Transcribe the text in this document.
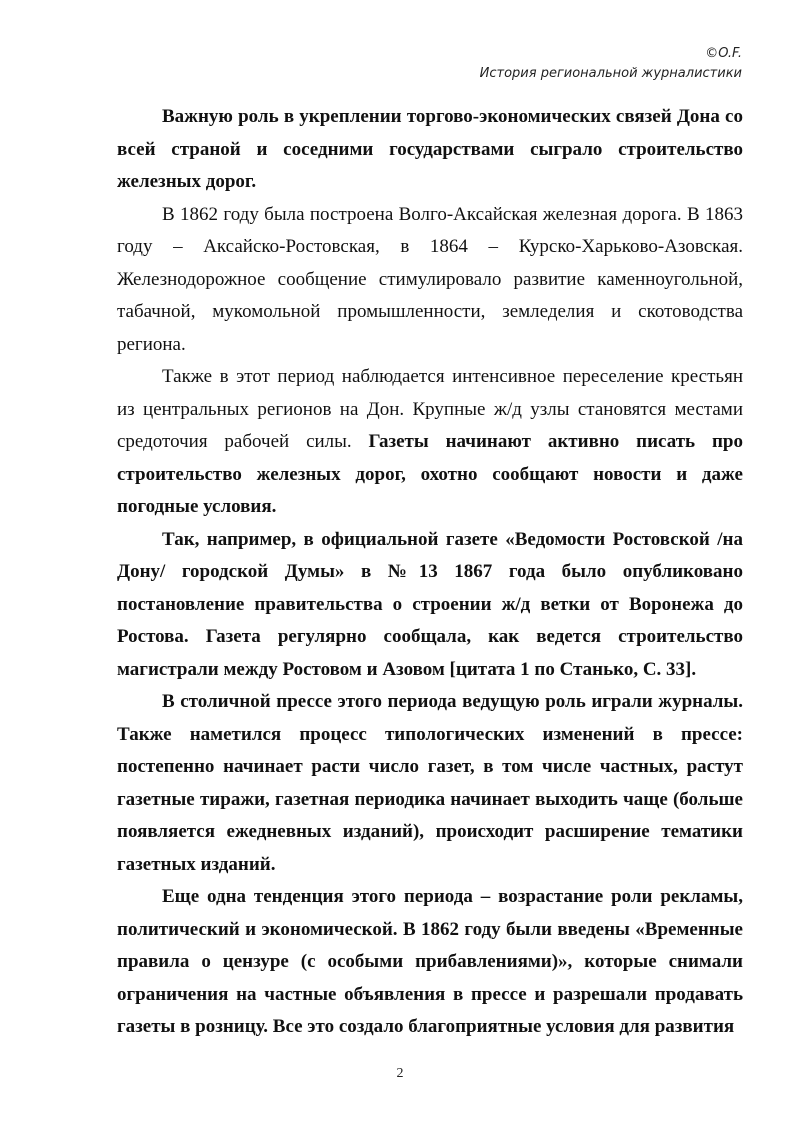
©O.F.
История региональной журналистики

Важную роль в укреплении торгово-экономических связей Дона со всей страной и соседними государствами сыграло строительство железных дорог.

В 1862 году была построена Волго-Аксайская железная дорога. В 1863 году – Аксайско-Ростовская, в 1864 – Курско-Харьково-Азовская. Железнодорожное сообщение стимулировало развитие каменноугольной, табачной, мукомольной промышленности, земледелия и скотоводства региона.

Также в этот период наблюдается интенсивное переселение крестьян из центральных регионов на Дон. Крупные ж/д узлы становятся местами средоточия рабочей силы. Газеты начинают активно писать про строительство железных дорог, охотно сообщают новости и даже погодные условия.

Так, например, в официальной газете «Ведомости Ростовской /на Дону/ городской Думы» в №13 1867 года было опубликовано постановление правительства о строении ж/д ветки от Воронежа до Ростова. Газета регулярно сообщала, как ведется строительство магистрали между Ростовом и Азовом [цитата 1 по Станько, С. 33].

В столичной прессе этого периода ведущую роль играли журналы. Также наметился процесс типологических изменений в прессе: постепенно начинает расти число газет, в том числе частных, растут газетные тиражи, газетная периодика начинает выходить чаще (больше появляется ежедневных изданий), происходит расширение тематики газетных изданий.

Еще одна тенденция этого периода – возрастание роли рекламы, политический и экономической. В 1862 году были введены «Временные правила о цензуре (с особыми прибавлениями)», которые снимали ограничения на частные объявления в прессе и разрешали продавать газеты в розницу. Все это создало благоприятные условия для развития

2
